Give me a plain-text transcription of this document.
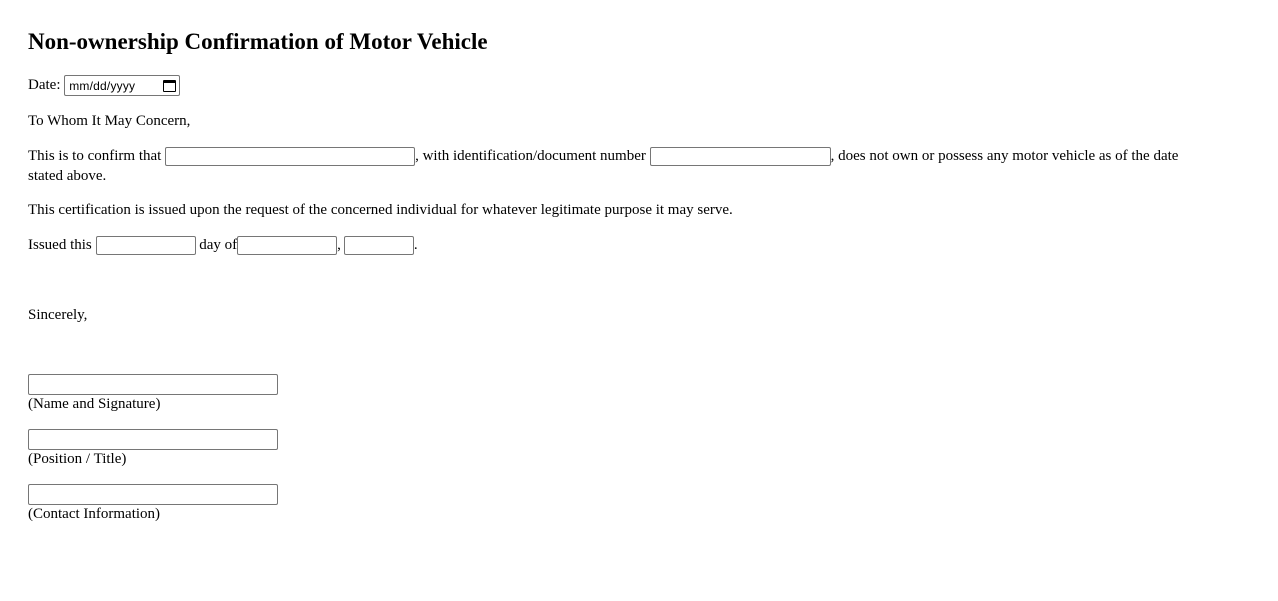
Non-ownership Confirmation of Motor Vehicle
Date: mm/dd/yyyy
To Whom It May Concern,
This is to confirm that	, with identification/document number	, does not own or possess any motor vehicle as of the date
stated above.
This certification is issued upon the request of the concerned individual for whatever legitimate purpose it may serve.
Issued this	day of	,	.
Sincerely,
(Name and Signature)
(Position / Title)
(Contact Information)
